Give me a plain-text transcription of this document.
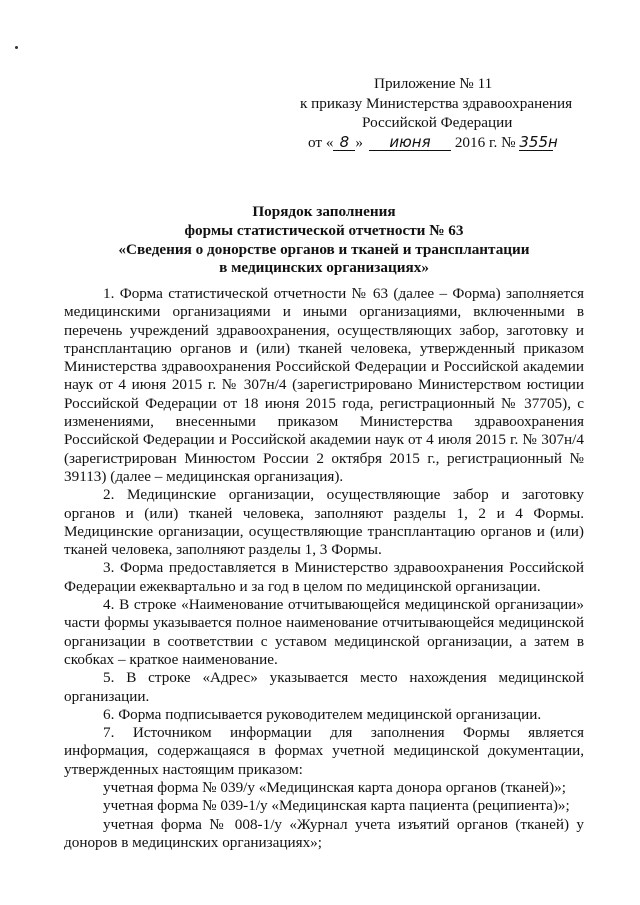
Приложение № 11
к приказу Министерства здравоохранения
Российской Федерации
от « 8 » июня 2016 г. № 355н
Порядок заполнения
формы статистической отчетности № 63
«Сведения о донорстве органов и тканей и трансплантации
в медицинских организациях»

1. Форма статистической отчетности № 63 (далее – Форма) заполняется медицинскими организациями и иными организациями, включенными в перечень учреждений здравоохранения, осуществляющих забор, заготовку и трансплантацию органов и (или) тканей человека, утвержденный приказом Министерства здравоохранения Российской Федерации и Российской академии наук от 4 июня 2015 г. № 307н/4 (зарегистрировано Министерством юстиции Российской Федерации от 18 июня 2015 года, регистрационный № 37705), с изменениями, внесенными приказом Министерства здравоохранения Российской Федерации и Российской академии наук от 4 июля 2015 г. № 307н/4 (зарегистрирован Минюстом России 2 октября 2015 г., регистрационный № 39113) (далее – медицинская организация).

2. Медицинские организации, осуществляющие забор и заготовку органов и (или) тканей человека, заполняют разделы 1, 2 и 4 Формы. Медицинские организации, осуществляющие трансплантацию органов и (или) тканей человека, заполняют разделы 1, 3 Формы.

3. Форма предоставляется в Министерство здравоохранения Российской Федерации ежеквартально и за год в целом по медицинской организации.

4. В строке «Наименование отчитывающейся медицинской организации» части формы указывается полное наименование отчитывающейся медицинской организации в соответствии с уставом медицинской организации, а затем в скобках – краткое наименование.

5. В строке «Адрес» указывается место нахождения медицинской организации.

6. Форма подписывается руководителем медицинской организации.

7. Источником информации для заполнения Формы является информация, содержащаяся в формах учетной медицинской документации, утвержденных настоящим приказом:

учетная форма № 039/у «Медицинская карта донора органов (тканей)»;

учетная форма № 039-1/у «Медицинская карта пациента (реципиента)»;

учетная форма № 008-1/у «Журнал учета изъятий органов (тканей) у доноров в медицинских организациях»;
